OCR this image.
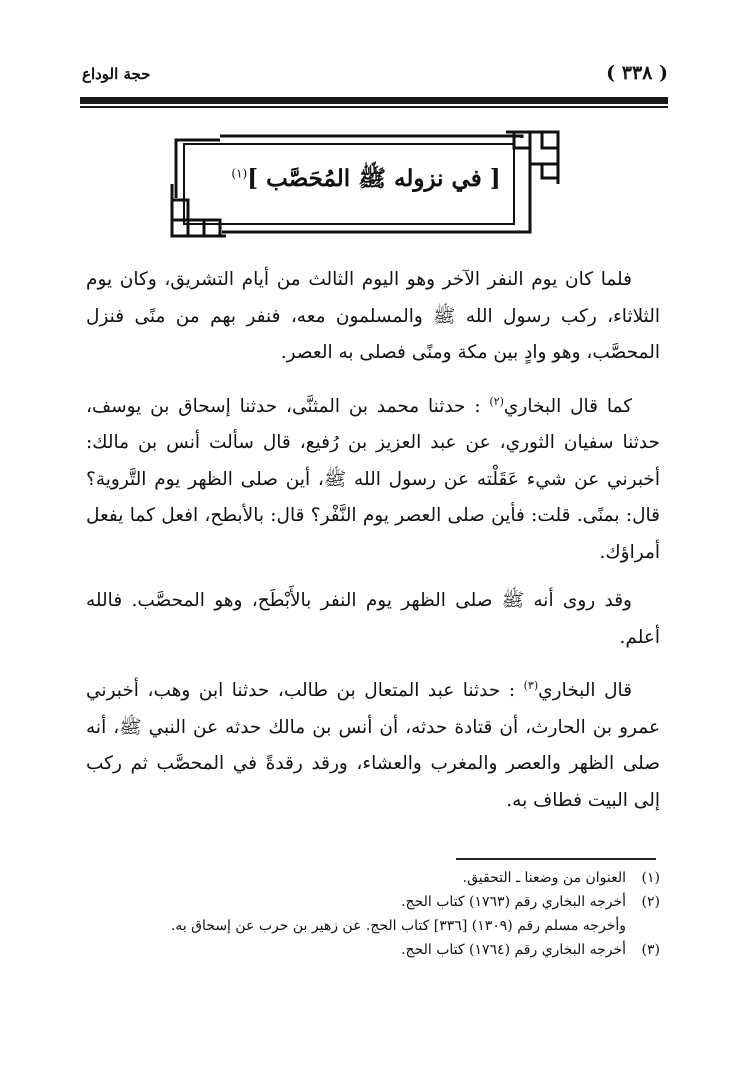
( ٣٣٨ )
حجة الوداع
[ في نزوله ﷺ المُحَصَّب ]$^{(١)}$

فلما كان يوم النفر الآخر وهو اليوم الثالث من أيام التشريق، وكان يوم الثلاثاء، ركب رسول الله ﷺ والمسلمون معه، فنفر بهم من منًى فنزل المحصَّب، وهو وادٍ بين مكة ومنًى فصلى به العصر.

كما قال البخاري$^{(٢)}$ : حدثنا محمد بن المثنَّى، حدثنا إسحاق بن يوسف، حدثنا سفيان الثوري، عن عبد العزيز بن رُفيع، قال سألت أنس بن مالك: أخبرني عن شيء عَقَلْته عن رسول الله ﷺ، أين صلى الظهر يوم التَّروية؟ قال: بمنًى. قلت: فأين صلى العصر يوم النَّفْر؟ قال: بالأبطح، افعل كما يفعل أمراؤك.

وقد روى أنه ﷺ صلى الظهر يوم النفر بالأَبْطَح، وهو المحصَّب. فالله أعلم.

قال البخاري$^{(٣)}$ : حدثنا عبد المتعال بن طالب، حدثنا ابن وهب، أخبرني عمرو بن الحارث، أن قتادة حدثه، أن أنس بن مالك حدثه عن النبي ﷺ، أنه صلى الظهر والعصر والمغرب والعشاء، ورقد رقدةً في المحصَّب ثم ركب إلى البيت فطاف به.

(١)العنوان من وضعنا ـ التحقيق.
(٢)أخرجه البخاري رقم (١٧٦٣) كتاب الحج.
وأخرجه مسلم رقم (١٣٠٩) [٣٣٦] كتاب الحج. عن زهير بن حرب عن إسحاق به.
(٣)أخرجه البخاري رقم (١٧٦٤) كتاب الحج.
